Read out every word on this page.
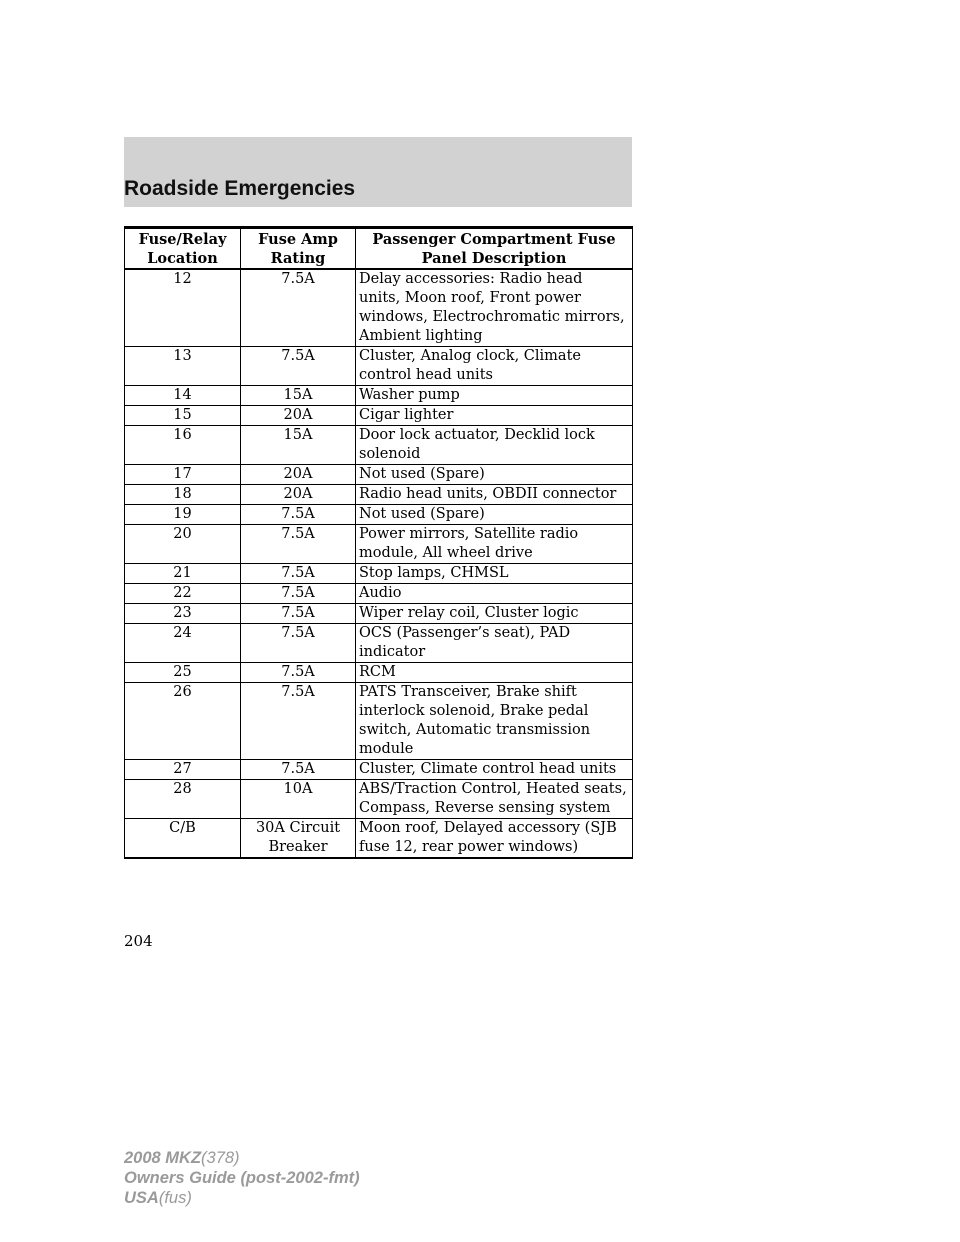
Roadside Emergencies
Fuse/Relay Location	Fuse Amp Rating	Passenger Compartment Fuse Panel Description
12	7.5A	Delay accessories: Radio head units, Moon roof, Front power windows, Electrochromatic mirrors, Ambient lighting
13	7.5A	Cluster, Analog clock, Climate control head units
14	15A	Washer pump
15	20A	Cigar lighter
16	15A	Door lock actuator, Decklid lock solenoid
17	20A	Not used (Spare)
18	20A	Radio head units, OBDII connector
19	7.5A	Not used (Spare)
20	7.5A	Power mirrors, Satellite radio module, All wheel drive
21	7.5A	Stop lamps, CHMSL
22	7.5A	Audio
23	7.5A	Wiper relay coil, Cluster logic
24	7.5A	OCS (Passenger’s seat), PAD indicator
25	7.5A	RCM
26	7.5A	PATS Transceiver, Brake shift interlock solenoid, Brake pedal switch, Automatic transmission module
27	7.5A	Cluster, Climate control head units
28	10A	ABS/Traction Control, Heated seats, Compass, Reverse sensing system
C/B	30A Circuit Breaker	Moon roof, Delayed accessory (SJB fuse 12, rear power windows)
204
2008 MKZ(378)
Owners Guide (post-2002-fmt)
USA(fus)
